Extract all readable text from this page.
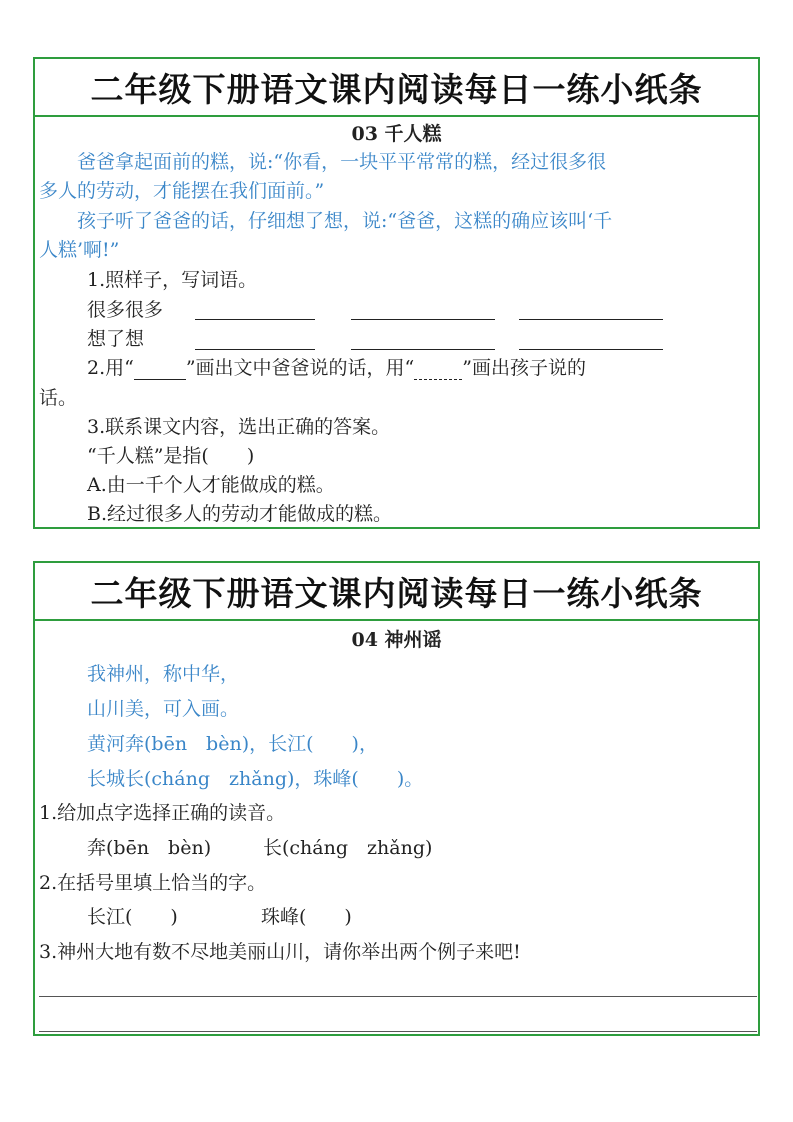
二年级下册语文课内阅读每日一练小纸条
03 千人糕
　　爸爸拿起面前的糕，说:“你看，一块平平常常的糕，经过很多很
多人的劳动，才能摆在我们面前。”
　　孩子听了爸爸的话，仔细想了想，说:“爸爸，这糕的确应该叫‘千
人糕’啊!”
1.照样子，写词语。
很多很多
想了想
2.用“	”画出文中爸爸说的话，用“	”画出孩子说的
话。
3.联系课文内容，选出正确的答案。
“千人糕”是指(　　)
A.由一千个人才能做成的糕。
B.经过很多人的劳动才能做成的糕。
二年级下册语文课内阅读每日一练小纸条
04 神州谣
我神州，称中华，
山川美，可入画。
黄河奔(bēn　bèn)，长江(　　)，
长城长(cháng　zhǎng)，珠峰(　　)。
1.给加点字选择正确的读音。
奔(bēn　bèn)	长(cháng　zhǎng)
2.在括号里填上恰当的字。
长江(　　)	珠峰(　　)
3.神州大地有数不尽地美丽山川，请你举出两个例子来吧!
